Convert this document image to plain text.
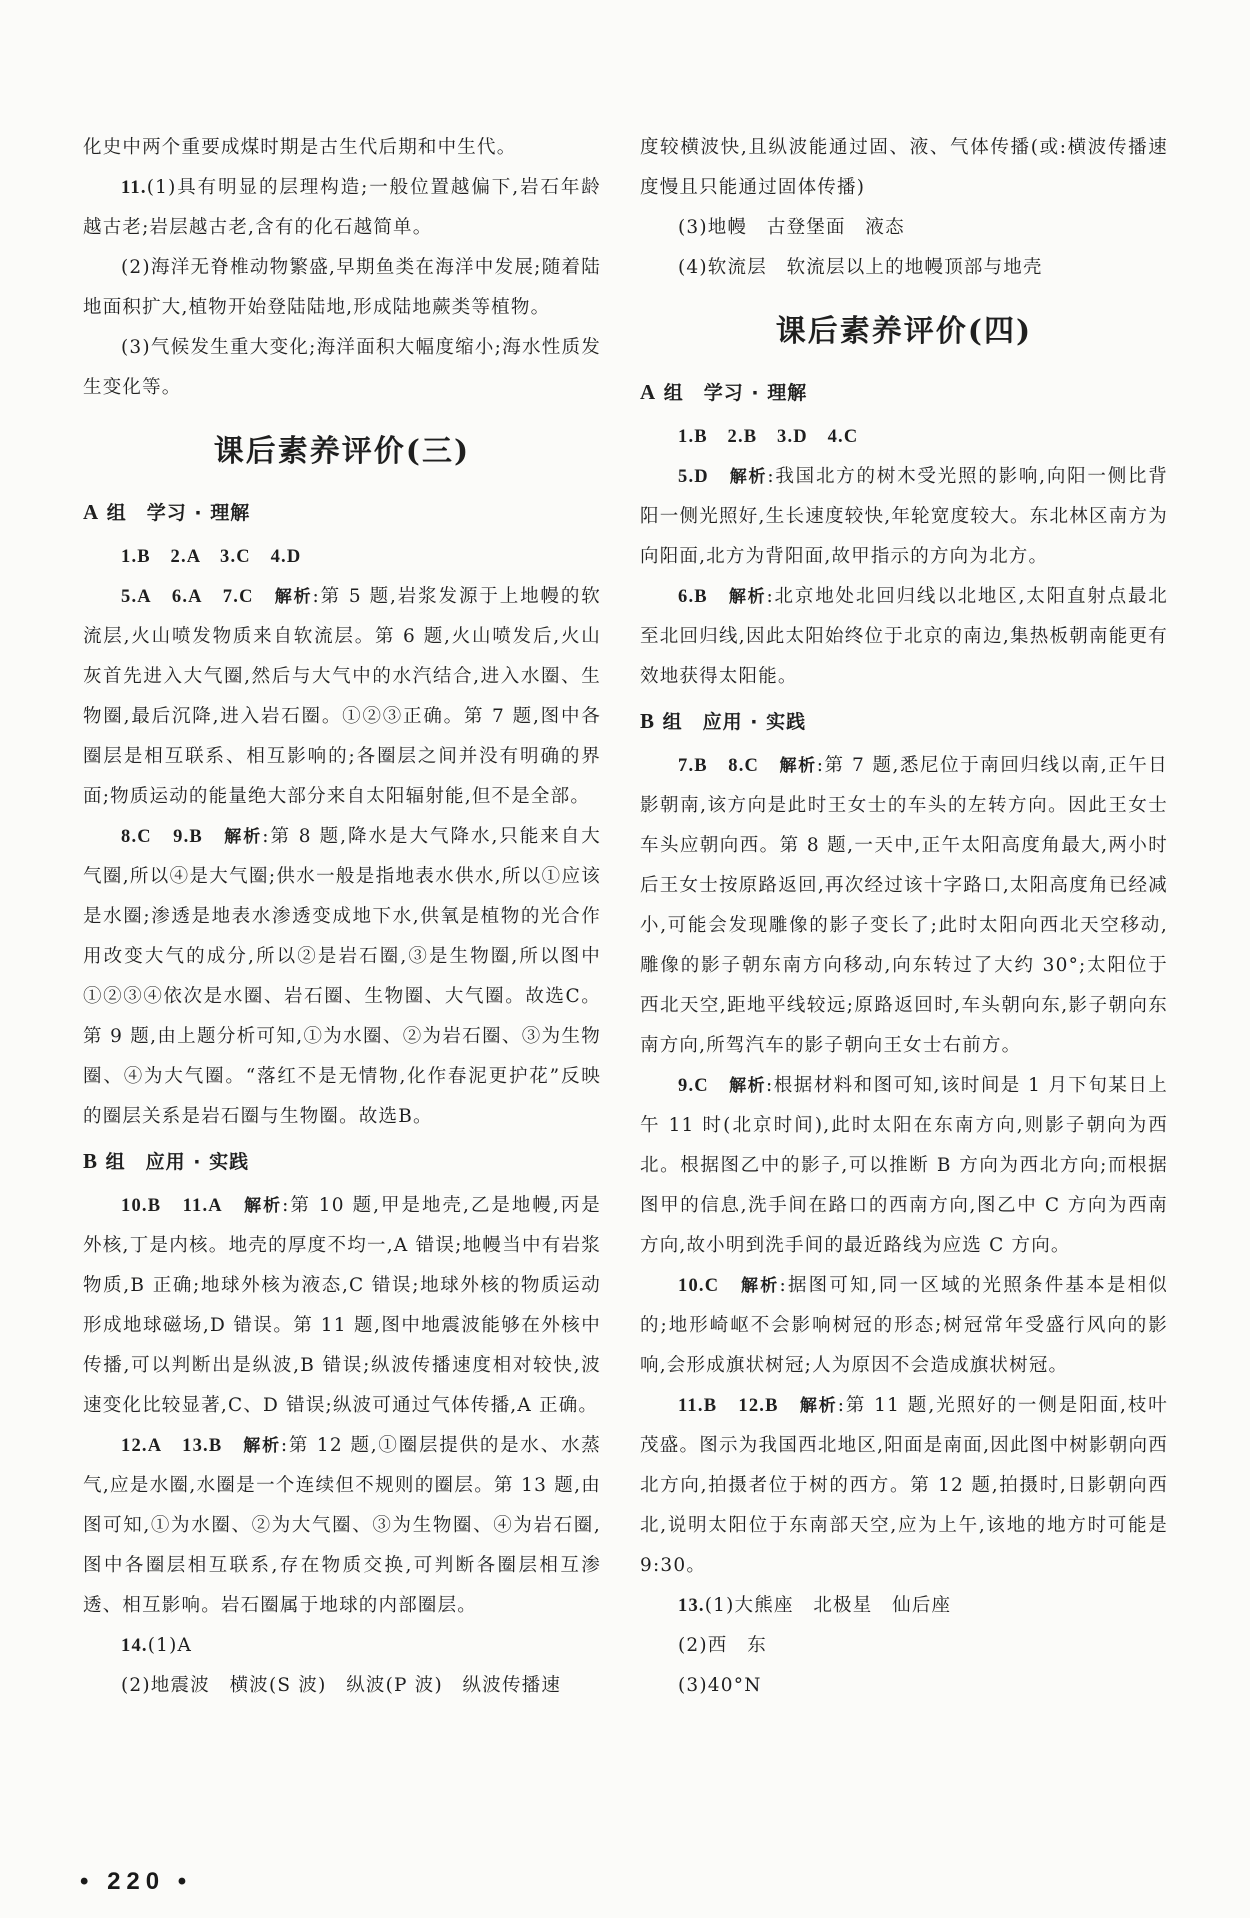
化史中两个重要成煤时期是古生代后期和中生代。

11.(1)具有明显的层理构造;一般位置越偏下,岩石年龄越古老;岩层越古老,含有的化石越简单。

(2)海洋无脊椎动物繁盛,早期鱼类在海洋中发展;随着陆地面积扩大,植物开始登陆陆地,形成陆地蕨类等植物。

(3)气候发生重大变化;海洋面积大幅度缩小;海水性质发生变化等。

课后素养评价(三)
A 组　学习 · 理解

1.B　2.A　3.C　4.D

5.A　6.A　7.C　 解析:第 5 题,岩浆发源于上地幔的软流层,火山喷发物质来自软流层。第 6 题,火山喷发后,火山灰首先进入大气圈,然后与大气中的水汽结合,进入水圈、生物圈,最后沉降,进入岩石圈。①②③正确。第 7 题,图中各圈层是相互联系、相互影响的;各圈层之间并没有明确的界面;物质运动的能量绝大部分来自太阳辐射能,但不是全部。

8.C　9.B　 解析:第 8 题,降水是大气降水,只能来自大气圈,所以④是大气圈;供水一般是指地表水供水,所以①应该是水圈;渗透是地表水渗透变成地下水,供氧是植物的光合作用改变大气的成分,所以②是岩石圈,③是生物圈,所以图中①②③④依次是水圈、岩石圈、生物圈、大气圈。故选C。第 9 题,由上题分析可知,①为水圈、②为岩石圈、③为生物圈、④为大气圈。“落红不是无情物,化作春泥更护花”反映的圈层关系是岩石圈与生物圈。故选B。

B 组　应用 · 实践

10.B　11.A　 解析:第 10 题,甲是地壳,乙是地幔,丙是外核,丁是内核。地壳的厚度不均一,A 错误;地幔当中有岩浆物质,B 正确;地球外核为液态,C 错误;地球外核的物质运动形成地球磁场,D 错误。第 11 题,图中地震波能够在外核中传播,可以判断出是纵波,B 错误;纵波传播速度相对较快,波速变化比较显著,C、D 错误;纵波可通过气体传播,A 正确。

12.A　13.B　 解析:第 12 题,①圈层提供的是水、水蒸气,应是水圈,水圈是一个连续但不规则的圈层。第 13 题,由图可知,①为水圈、②为大气圈、③为生物圈、④为岩石圈,图中各圈层相互联系,存在物质交换,可判断各圈层相互渗透、相互影响。岩石圈属于地球的内部圈层。

14.(1)A

(2)地震波　横波(S 波)　纵波(P 波)　纵波传播速

度较横波快,且纵波能通过固、液、气体传播(或:横波传播速度慢且只能通过固体传播)

(3)地幔　古登堡面　液态

(4)软流层　软流层以上的地幔顶部与地壳

课后素养评价(四)
A 组　学习 · 理解

1.B　2.B　3.D　4.C

5.D　 解析:我国北方的树木受光照的影响,向阳一侧比背阳一侧光照好,生长速度较快,年轮宽度较大。东北林区南方为向阳面,北方为背阳面,故甲指示的方向为北方。

6.B　 解析:北京地处北回归线以北地区,太阳直射点最北至北回归线,因此太阳始终位于北京的南边,集热板朝南能更有效地获得太阳能。

B 组　应用 · 实践

7.B　8.C　 解析:第 7 题,悉尼位于南回归线以南,正午日影朝南,该方向是此时王女士的车头的左转方向。因此王女士车头应朝向西。第 8 题,一天中,正午太阳高度角最大,两小时后王女士按原路返回,再次经过该十字路口,太阳高度角已经减小,可能会发现雕像的影子变长了;此时太阳向西北天空移动,雕像的影子朝东南方向移动,向东转过了大约 30°;太阳位于西北天空,距地平线较远;原路返回时,车头朝向东,影子朝向东南方向,所驾汽车的影子朝向王女士右前方。

9.C　 解析:根据材料和图可知,该时间是 1 月下旬某日上午 11 时(北京时间),此时太阳在东南方向,则影子朝向为西北。根据图乙中的影子,可以推断 B 方向为西北方向;而根据图甲的信息,洗手间在路口的西南方向,图乙中 C 方向为西南方向,故小明到洗手间的最近路线为应选 C 方向。

10.C　 解析:据图可知,同一区域的光照条件基本是相似的;地形崎岖不会影响树冠的形态;树冠常年受盛行风向的影响,会形成旗状树冠;人为原因不会造成旗状树冠。

11.B　12.B　 解析:第 11 题,光照好的一侧是阳面,枝叶茂盛。图示为我国西北地区,阳面是南面,因此图中树影朝向西北方向,拍摄者位于树的西方。第 12 题,拍摄时,日影朝向西北,说明太阳位于东南部天空,应为上午,该地的地方时可能是 9:30。

13.(1)大熊座　北极星　仙后座

(2)西　东

(3)40°N

• 220 •
